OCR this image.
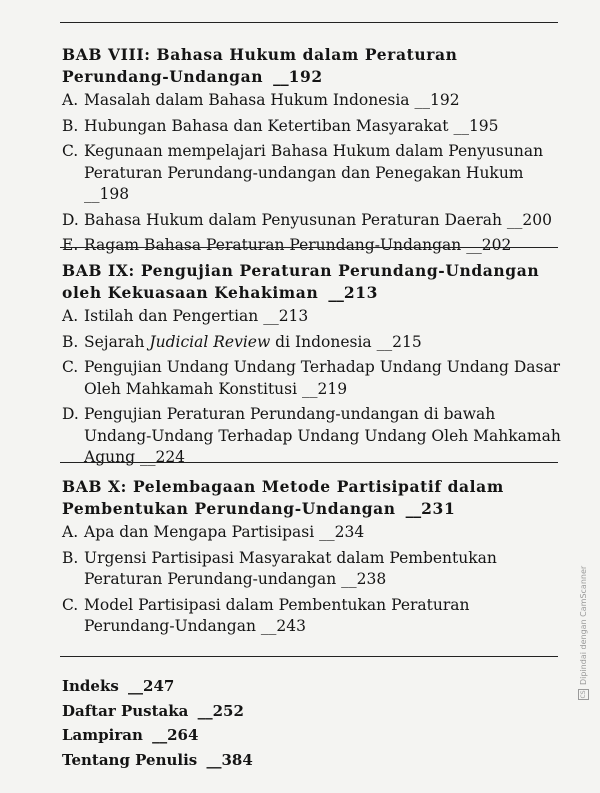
BAB VIII: Bahasa Hukum dalam Peraturan Perundang-Undangan __ 192
A. Masalah dalam Bahasa Hukum Indonesia __ 192
B. Hubungan Bahasa dan Ketertiban Masyarakat __ 195
C. Kegunaan mempelajari Bahasa Hukum dalam Penyusunan Peraturan Perundang-undangan dan Penegakan Hukum __ 198
D. Bahasa Hukum dalam Penyusunan Peraturan Daerah __ 200
E. Ragam Bahasa Peraturan Perundang-Undangan __ 202
BAB IX: Pengujian Peraturan Perundang-Undangan oleh Kekuasaan Kehakiman __ 213
A. Istilah dan Pengertian __ 213
B. Sejarah Judicial Review di Indonesia __ 215
C. Pengujian Undang Undang Terhadap Undang Undang Dasar Oleh Mahkamah Konstitusi __ 219
D. Pengujian Peraturan Perundang-undangan di bawah Undang-Undang Terhadap Undang Undang Oleh Mahkamah Agung __ 224
BAB X: Pelembagaan Metode Partisipatif dalam Pembentukan Perundang-Undangan __ 231
A. Apa dan Mengapa Partisipasi __ 234
B. Urgensi Partisipasi Masyarakat dalam Pembentukan Peraturan Perundang-undangan __ 238
C. Model Partisipasi dalam Pembentukan Peraturan Perundang-Undangan __ 243
Indeks __ 247
Daftar Pustaka __ 252
Lampiran __ 264
Tentang Penulis __ 384
CS
Dipindai dengan CamScanner
